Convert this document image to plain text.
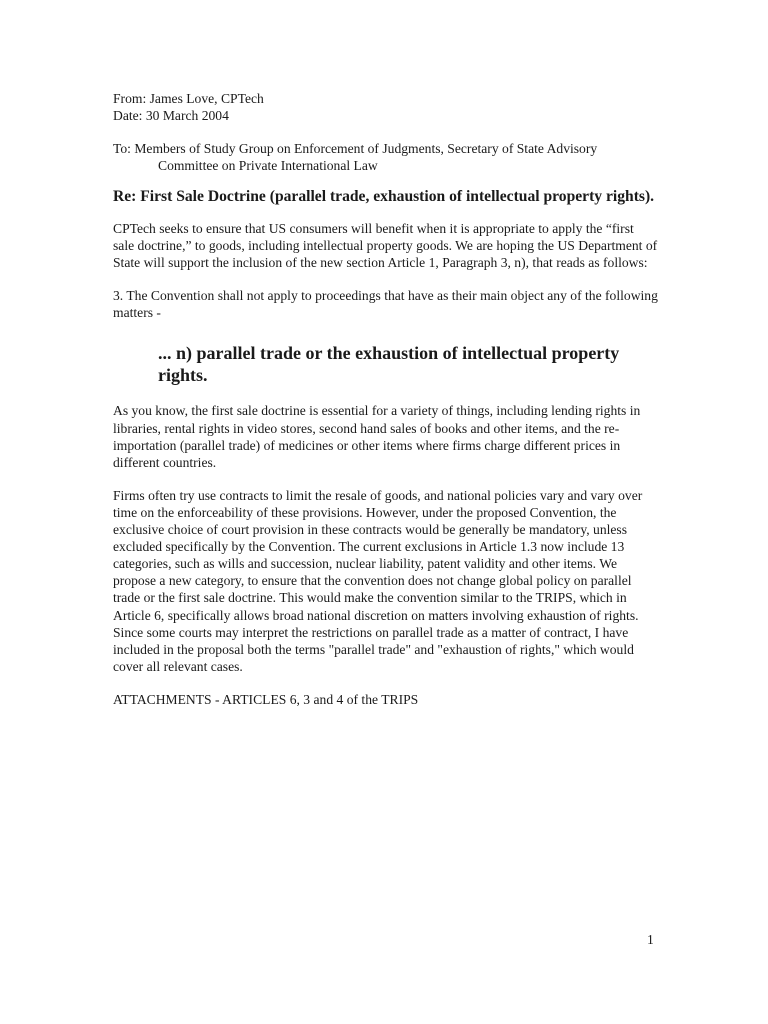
From: James Love, CPTech
Date: 30 March 2004
To: Members of Study Group on Enforcement of Judgments, Secretary of State Advisory Committee on Private International Law
Re: First Sale Doctrine (parallel trade, exhaustion of intellectual property rights).

CPTech seeks to ensure that US consumers will benefit when it is appropriate to apply the “first sale doctrine,” to goods, including intellectual property goods. We are hoping the US Department of State will support the inclusion of the new section Article 1, Paragraph 3, n), that reads as follows:

3. The Convention shall not apply to proceedings that have as their main object any of the following matters -

... n) parallel trade or the exhaustion of intellectual property rights.

As you know, the first sale doctrine is essential for a variety of things, including lending rights in libraries, rental rights in video stores, second hand sales of books and other items, and the re-importation (parallel trade) of medicines or other items where firms charge different prices in different countries.

Firms often try use contracts to limit the resale of goods, and national policies vary and vary over time on the enforceability of these provisions. However, under the proposed Convention, the exclusive choice of court provision in these contracts would be generally be mandatory, unless excluded specifically by the Convention. The current exclusions in Article 1.3 now include 13 categories, such as wills and succession, nuclear liability, patent validity and other items. We propose a new category, to ensure that the convention does not change global policy on parallel trade or the first sale doctrine. This would make the convention similar to the TRIPS, which in Article 6, specifically allows broad national discretion on matters involving exhaustion of rights. Since some courts may interpret the restrictions on parallel trade as a matter of contract, I have included in the proposal both the terms "parallel trade" and "exhaustion of rights," which would cover all relevant cases.

ATTACHMENTS - ARTICLES 6, 3 and 4 of the TRIPS

1
